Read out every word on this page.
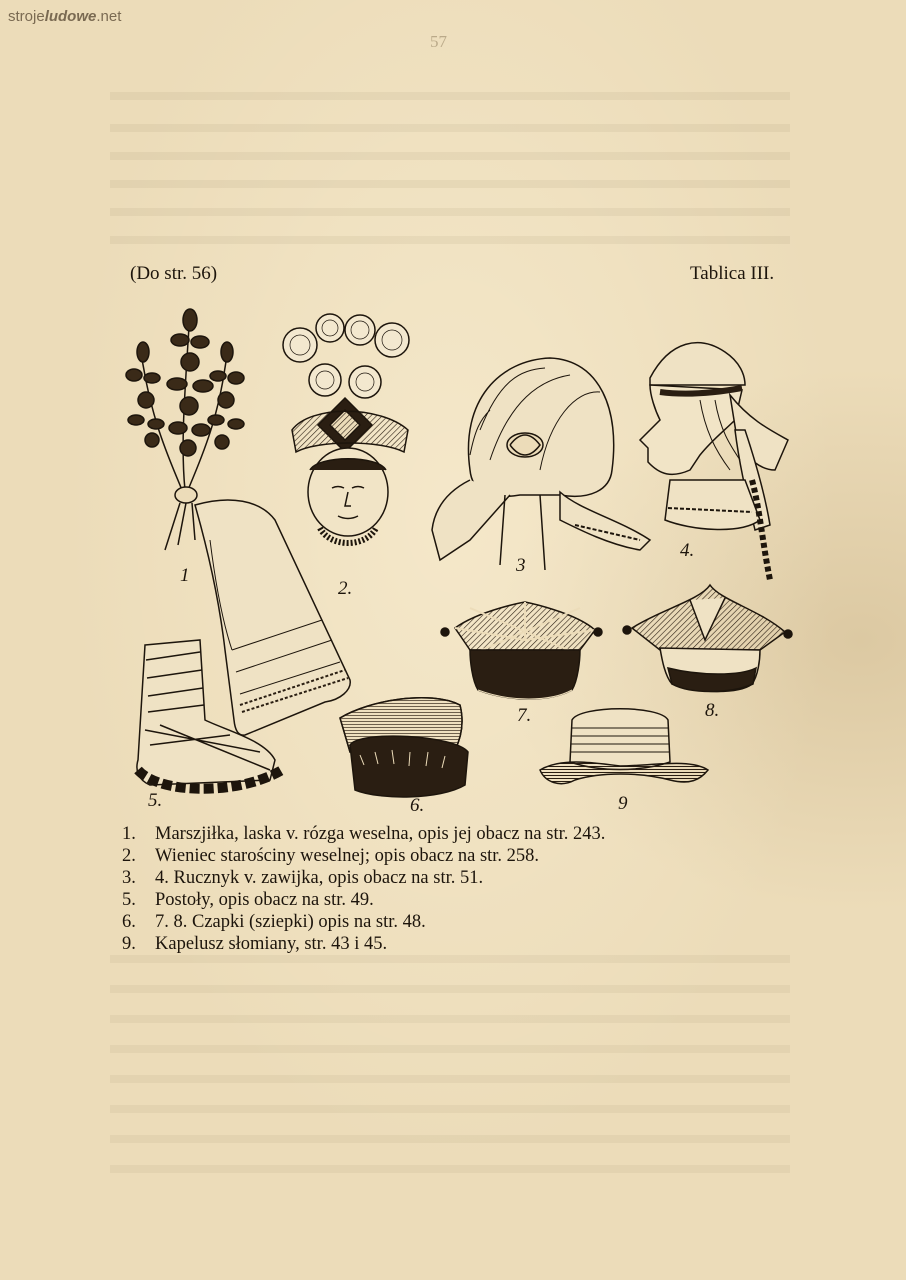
strojeludowe.net
57
(Do str. 56)	Tablica III.
1
2.
3
4.
5.	6.
7.	8.
9
1.	Marszjiłka, laska v. rózga weselna, opis jej obacz na str. 243.
2.	Wieniec starościny weselnej; opis obacz na str. 258.
3.	4. Rucznyk v. zawijka, opis obacz na str. 51.
5.	Postoły, opis obacz na str. 49.
6.	7. 8. Czapki (sziepki) opis na str. 48.
9.	Kapelusz słomiany, str. 43 i 45.
